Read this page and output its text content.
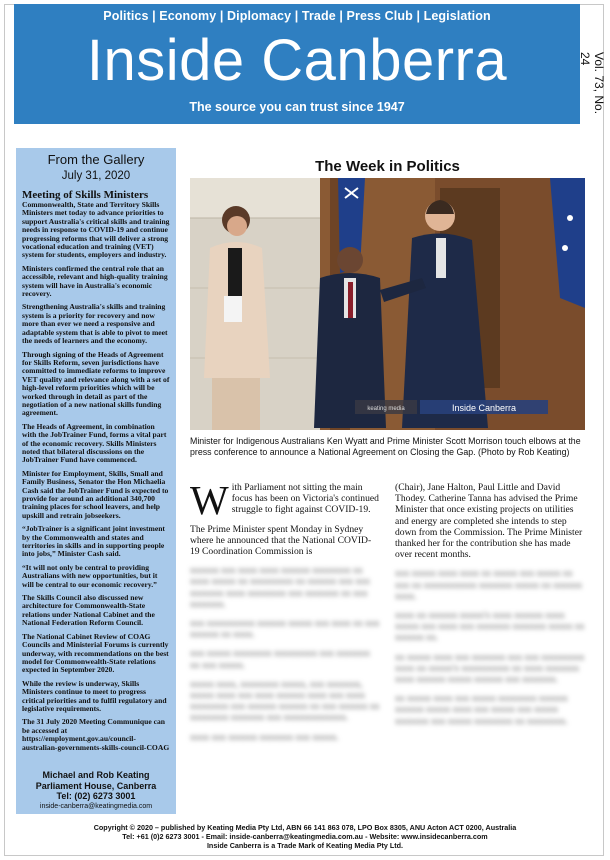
Politics | Economy | Diplomacy | Trade | Press Club | Legislation
Inside Canberra
The source you can trust since 1947	Vol. 73, No. 24
From the Gallery
July 31, 2020
Meeting of Skills Ministers

Commonwealth, State and Territory Skills Ministers met today to advance priorities to support Australia's critical skills and training needs in response to COVID-19 and continue progressing reforms that will deliver a strong vocational education and training (VET) system for students, employers and industry.

Ministers confirmed the central role that an accessible, relevant and high-quality training system will have in Australia's economic recovery.

Strengthening Australia's skills and training system is a priority for recovery and now more than ever we need a responsive and adaptable system that is able to pivot to meet the needs of learners and the economy.

Through signing of the Heads of Agreement for Skills Reform, seven jurisdictions have committed to immediate reforms to improve VET quality and relevance along with a set of high-level reform priorities which will be worked through in detail as part of the negotiation of a new national skills funding agreement.

The Heads of Agreement, in combination with the JobTrainer Fund, forms a vital part of the economic recovery. Skills Ministers noted that bilateral discussions on the JobTrainer Fund have commenced.

Minister for Employment, Skills, Small and Family Business, Senator the Hon Michaelia Cash said the JobTrainer Fund is expected to provide for around an additional 340,700 training places for school leavers, and help upskill and retrain jobseekers.

“JobTrainer is a significant joint investment by the Commonwealth and states and territories in skills and in supporting people into jobs,” Minister Cash said.

“It will not only be central to providing Australians with new opportunities, but it will be central to our economic recovery.”

The Skills Council also discussed new architecture for Commonwealth-State relations under National Cabinet and the National Federation Reform Council.

The National Cabinet Review of COAG Councils and Ministerial Forums is currently underway, with recommendations on the best model for Commonwealth-State relations expected in September 2020.

While the review is underway, Skills Ministers continue to meet to progress critical priorities and to fulfil regulatory and legislative requirements.

The 31 July 2020 Meeting Communique can be accessed at https://employment.gov.au/council-australian-governments-skills-council-COAG

Michael and Rob Keating
Parliament House, Canberra
Tel: (02) 6273 3001
inside-canberra@keatingmedia.com
The Week in Politics
keating media	Inside Canberra
Minister for Indigenous Australians Ken Wyatt and Prime Minister Scott Morrison touch elbows at the press conference to announce a National Agreement on Closing the Gap. (Photo by Rob Keating)

With Parliament not sitting the main focus has been on Victoria's continued struggle to fight against COVID-19.

The Prime Minister spent Monday in Sydney where he announced that the National COVID-19 Coordination Commission is

xxxxxx xxx xxxx xxxx xxxxxx xxxxxxxx xx xxxx xxxxx xx xxxxxxxxx xx xxxxxx xxx xxx xxxxxxx xxxx xxxxxxxx xxx xxxxxxx xx xxx xxxxxxx.

xxx xxxxxxxxxx xxxxxx xxxxx xxx xxxx xx xxx xxxxxx xx xxxx.

xxx xxxxx xxxxxxxx xxxxxxxxx xxx xxxxxxx xx xxx xxxxx.

xxxxx xxxx, xxxxxxxx xxxxx, xxx xxxxxxx, xxxxx xxxx xxx xxxx xxxxxx xxxx xxx xxxx xxxxxxxx xxx xxxxxx xxxxxx xx xxx xxxxxx xx xxxxxxxx xxxxxxx xxx xxxxxxxxxxxxx.

xxxx xxx xxxxxx xxxxxxx xxx xxxxx.

(Chair), Jane Halton, Paul Little and David Thodey. Catherine Tanna has advised the Prime Minister that once existing projects on utilities and energy are completed she intends to step down from the Commission. The Prime Minister thanked her for the contribution she has made over recent months.

xxx xxxxx xxxx xxxx xx xxxxx xxx xxxxx xx xxx xx xxxxxxxxxxx xxxxxxx xxxxx xx xxxxxx xxxx.

xxxx xx xxxxxx xxxxx'x xxxx xxxxxx xxxx xxxxx xxx xxxx xxx xxxxxxx xxxxxxx xxxxx xx xxxxxx xx.

xx xxxxx xxxx xxx xxxxxxx xxx xxx xxxxxxxxx xxxx xx xxxxx'x xxxxxxxxxx xx xxxx xxxxxxx xxxx xxxxxx xxxxx xxxxxx xxx xxxxxxx.

xx xxxxx xxxx xxx xxxxx xxxxxxxx xxxxxx xxxxxx xxxxx xxxx xxx xxxxx xxx xxxxx xxxxxxx xxx xxxxx xxxxxxxx xx xxxxxxxx.

Copyright © 2020 – published by Keating Media Pty Ltd, ABN 66 141 863 078, LPO Box 8305, ANU Acton ACT 0200, Australia
Tel: +61 (0)2 6273 3001 - Email: inside-canberra@keatingmedia.com.au - Website: www.insidecanberra.com
Inside Canberra is a Trade Mark of Keating Media Pty Ltd.
